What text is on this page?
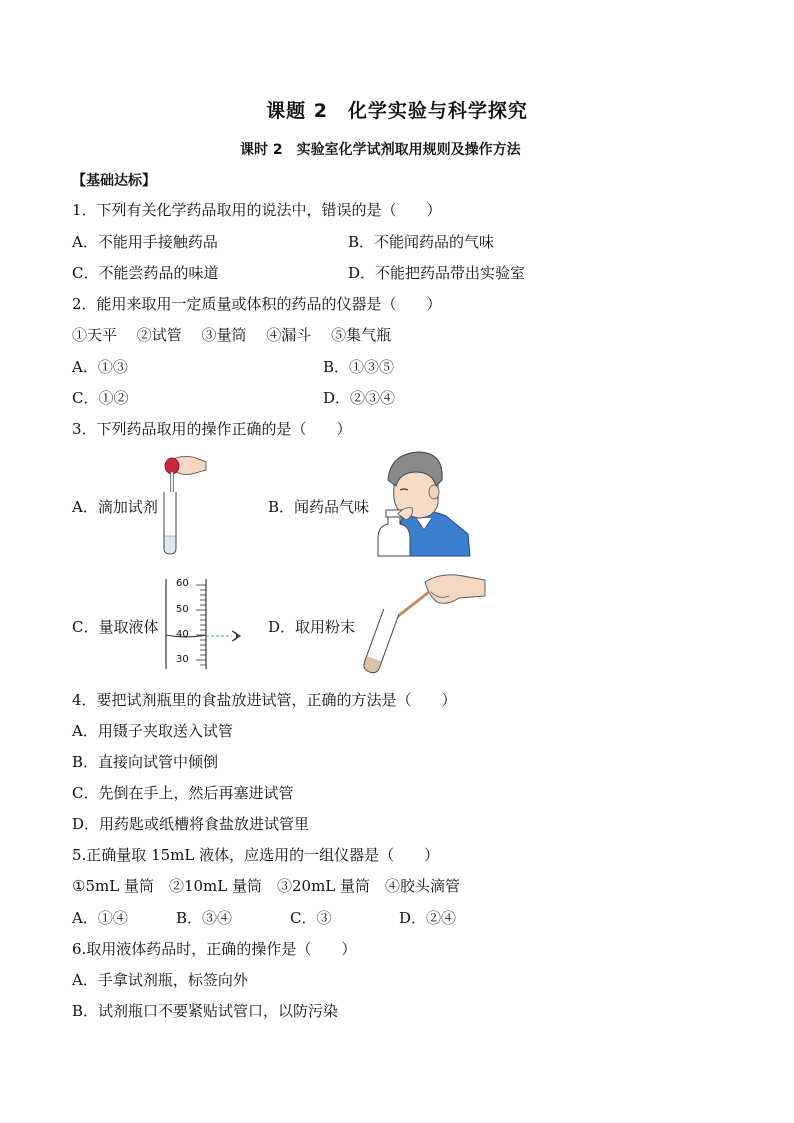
课题 2　化学实验与科学探究
课时 2　实验室化学试剂取用规则及操作方法
【基础达标】
1．下列有关化学药品取用的说法中，错误的是（　　）
A．不能用手接触药品	B．不能闻药品的气味
C．不能尝药品的味道	D．不能把药品带出实验室
2．能用来取用一定质量或体积的药品的仪器是（　　）
①天平　 ②试管　 ③量筒　 ④漏斗　 ⑤集气瓶
A．①③	B．①③⑤
C．①②	D．②③④
3．下列药品取用的操作正确的是（　　）
A．滴加试剂	B．闻药品气味
C．量取液体
60
50
40
30
D．取用粉末
4．要把试剂瓶里的食盐放进试管，正确的方法是（　　）
A．用镊子夹取送入试管
B．直接向试管中倾倒
C．先倒在手上，然后再塞进试管
D．用药匙或纸槽将食盐放进试管里
5.正确量取 15mL 液体，应选用的一组仪器是（　　）
①5mL 量筒　②10mL 量筒　③20mL 量筒　④胶头滴管
A．①④	B．③④	C．③	D．②④
6.取用液体药品时，正确的操作是（　　）
A．手拿试剂瓶，标签向外
B．试剂瓶口不要紧贴试管口，以防污染
